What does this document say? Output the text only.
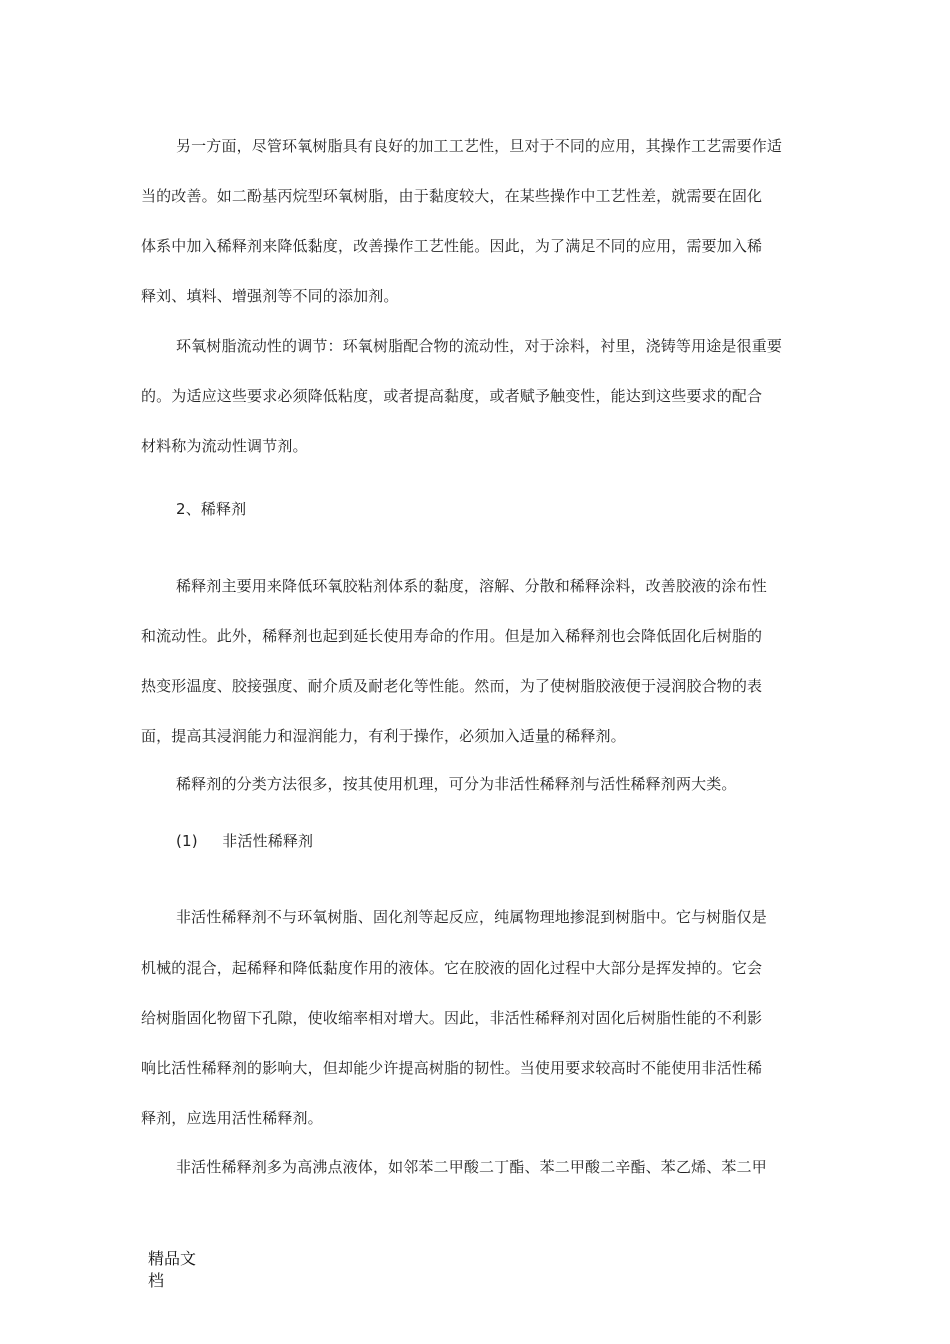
另一方面，尽管环氧树脂具有良好的加工工艺性，旦对于不同的应用，其操作工艺需要作适
当的改善。如二酚基丙烷型环氧树脂，由于黏度较大，在某些操作中工艺性差，就需要在固化
体系中加入稀释剂来降低黏度，改善操作工艺性能。因此，为了满足不同的应用，需要加入稀
释刘、填料、增强剂等不同的添加剂。
环氧树脂流动性的调节：环氧树脂配合物的流动性，对于涂料，衬里，浇铸等用途是很重要
的。为适应这些要求必须降低粘度，或者提高黏度，或者赋予触变性，能达到这些要求的配合
材料称为流动性调节剂。
2、稀释剂
稀释剂主要用来降低环氧胶粘剂体系的黏度，溶解、分散和稀释涂料，改善胶液的涂布性
和流动性。此外，稀释剂也起到延长使用寿命的作用。但是加入稀释剂也会降低固化后树脂的
热变形温度、胶接强度、耐介质及耐老化等性能。然而，为了使树脂胶液便于浸润胶合物的表
面，提高其浸润能力和湿润能力，有利于操作，必须加入适量的稀释剂。
稀释剂的分类方法很多，按其使用机理，可分为非活性稀释剂与活性稀释剂两大类。
(1)     非活性稀释剂
非活性稀释剂不与环氧树脂、固化剂等起反应，纯属物理地掺混到树脂中。它与树脂仅是
机械的混合，起稀释和降低黏度作用的液体。它在胶液的固化过程中大部分是挥发掉的。它会
给树脂固化物留下孔隙，使收缩率相对增大。因此，非活性稀释剂对固化后树脂性能的不利影
响比活性稀释剂的影响大，但却能少许提高树脂的韧性。当使用要求较高时不能使用非活性稀
释剂，应选用活性稀释剂。
非活性稀释剂多为高沸点液体，如邻苯二甲酸二丁酯、苯二甲酸二辛酯、苯乙烯、苯二甲
精品文
档
